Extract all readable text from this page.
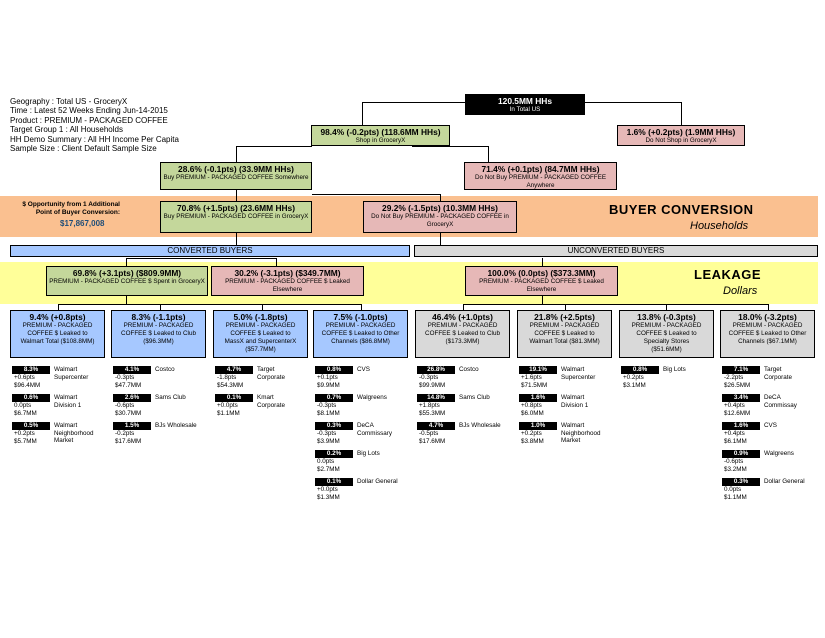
Geography : Total US - GroceryX
Time : Latest 52 Weeks Ending Jun-14-2015
Product : PREMIUM - PACKAGED COFFEE
Target Group 1 : All Households
HH Demo Summary : All HH Income Per Capita
Sample Size : Client Default Sample Size
120.5MM HHs
In Total US
98.4% (-0.2pts) (118.6MM HHs)
Shop in GroceryX
1.6% (+0.2pts) (1.9MM HHs)
Do Not Shop in GroceryX
28.6% (-0.1pts) (33.9MM HHs)
Buy PREMIUM - PACKAGED COFFEE Somewhere
71.4% (+0.1pts) (84.7MM HHs)
Do Not Buy PREMIUM - PACKAGED COFFEE Anywhere
70.8% (+1.5pts) (23.6MM HHs)
Buy PREMIUM - PACKAGED COFFEE in GroceryX
29.2% (-1.5pts) (10.3MM HHs)
Do Not Buy PREMIUM - PACKAGED COFFEE in GroceryX
$ Opportunity from 1 Additional Point of Buyer Conversion:
$17,867,008
BUYER CONVERSION
Households
LEAKAGE
Dollars
CONVERTED BUYERS	UNCONVERTED BUYERS
69.8% (+3.1pts) ($809.9MM)
PREMIUM - PACKAGED COFFEE $ Spent in GroceryX
30.2% (-3.1pts) ($349.7MM)
PREMIUM - PACKAGED COFFEE $ Leaked Elsewhere
100.0% (0.0pts) ($373.3MM)
PREMIUM - PACKAGED COFFEE $ Leaked Elsewhere
9.4% (+0.8pts)
PREMIUM - PACKAGED
COFFEE $ Leaked to
Walmart Total ($108.8MM)
8.3%	Walmart
Supercenter
+0.6pts
$96.4MM
0.6%	Walmart
Division 1
0.0pts
$6.7MM
0.5%	Walmart
Neighborhood
Market
+0.2pts
$5.7MM
8.3% (-1.1pts)
PREMIUM - PACKAGED
COFFEE $ Leaked to Club
($96.3MM)
4.1%	Costco
-0.3pts
$47.7MM
2.6%	Sams Club
-0.6pts
$30.7MM
1.5%	BJs Wholesale
-0.2pts
$17.6MM
5.0% (-1.8pts)
PREMIUM - PACKAGED
COFFEE $ Leaked to
MassX and SupercenterX
($57.7MM)
4.7%	Target
Corporate
-1.8pts
$54.3MM
0.1%	Kmart
Corporate
+0.0pts
$1.1MM
7.5% (-1.0pts)
PREMIUM - PACKAGED
COFFEE $ Leaked to Other
Channels ($86.8MM)
0.8%	CVS
+0.1pts
$9.9MM
0.7%	Walgreens
-0.3pts
$8.1MM
0.3%	DeCA
Commissary
-0.3pts
$3.9MM
0.2%	Big Lots
0.0pts
$2.7MM
0.1%	Dollar General
+0.0pts
$1.3MM
46.4% (+1.0pts)
PREMIUM - PACKAGED
COFFEE $ Leaked to Club
($173.3MM)
26.8% Costco
-0.3pts
$99.9MM
14.8% Sams Club
+1.8pts
$55.3MM
4.7%	BJs Wholesale
-0.5pts
$17.6MM
21.8% (+2.5pts)
PREMIUM - PACKAGED
COFFEE $ Leaked to
Walmart Total ($81.3MM)
19.1% Walmart
Supercenter
+1.6pts
$71.5MM
1.6%	Walmart
Division 1
+0.8pts
$6.0MM
1.0%	Walmart
Neighborhood
Market
+0.2pts
$3.8MM
13.8% (-0.3pts)
PREMIUM - PACKAGED
COFFEE $ Leaked to
Specialty Stores
($51.6MM)
0.8%	Big Lots
+0.2pts
$3.1MM
18.0% (-3.2pts)
PREMIUM - PACKAGED
COFFEE $ Leaked to Other
Channels ($67.1MM)
7.1%	Target
Corporate
-2.2pts
$26.5MM
3.4%	DeCA
Commissay
+0.4pts
$12.6MM
1.6%	CVS
+0.4pts
$6.1MM
0.9%	Walgreens
-0.6pts
$3.2MM
0.3%	Dollar General
0.0pts
$1.1MM
